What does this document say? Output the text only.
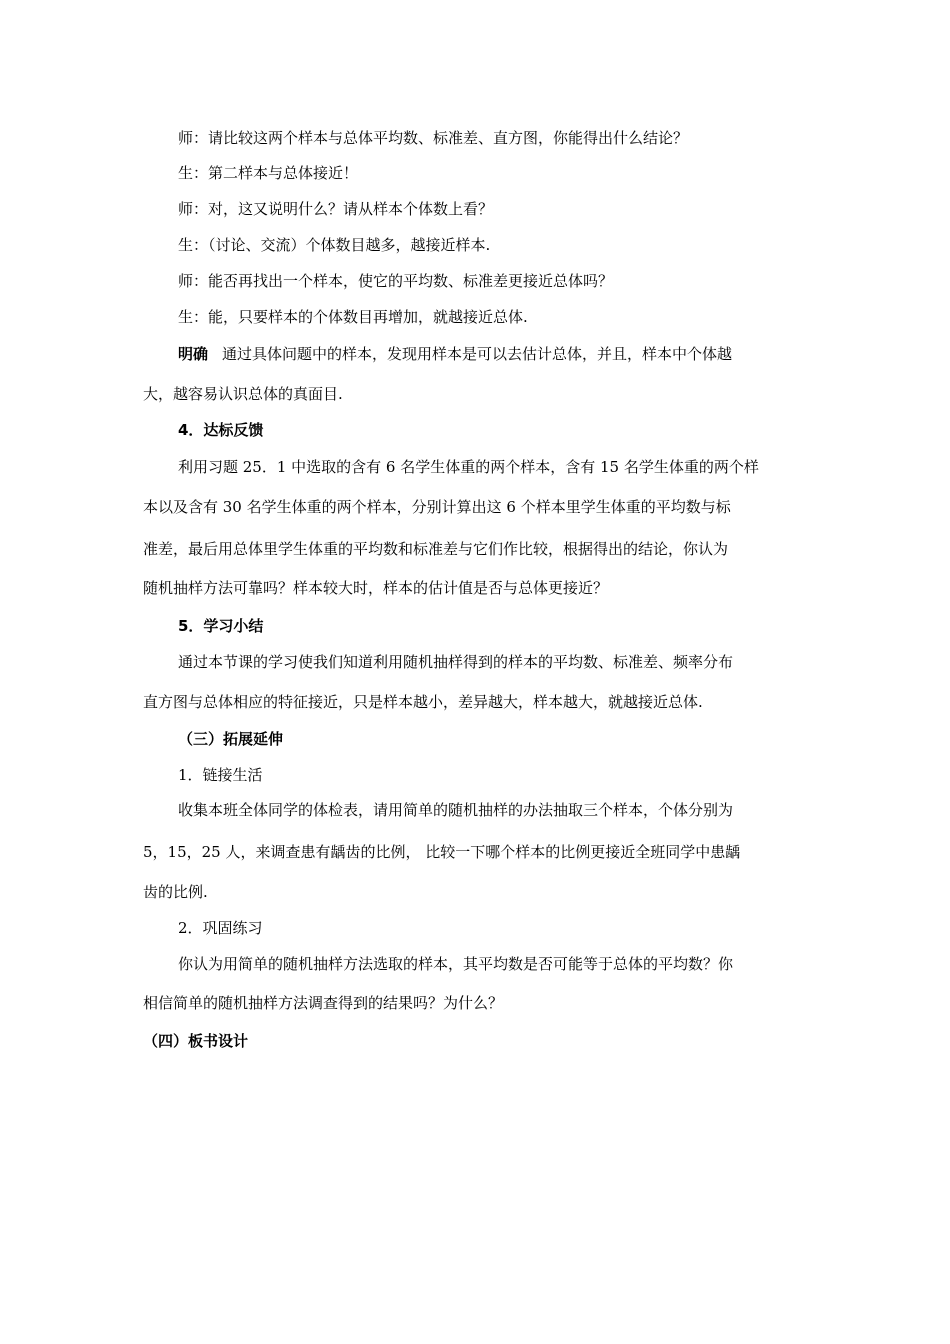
师：请比较这两个样本与总体平均数、标准差、直方图，你能得出什么结论？
生：第二样本与总体接近！
师：对，这又说明什么？请从样本个体数上看？
生：（讨论、交流）个体数目越多，越接近样本.
师：能否再找出一个样本，使它的平均数、标准差更接近总体吗？
生：能，只要样本的个体数目再增加，就越接近总体.
明确 通过具体问题中的样本，发现用样本是可以去估计总体，并且，样本中个体越
大，越容易认识总体的真面目.
4．达标反馈
利用习题 25．1 中选取的含有 6 名学生体重的两个样本，含有 15 名学生体重的两个样
本以及含有 30 名学生体重的两个样本，分别计算出这 6 个样本里学生体重的平均数与标
准差，最后用总体里学生体重的平均数和标准差与它们作比较，根据得出的结论，你认为
随机抽样方法可靠吗？样本较大时，样本的估计值是否与总体更接近？
5．学习小结
通过本节课的学习使我们知道利用随机抽样得到的样本的平均数、标准差、频率分布
直方图与总体相应的特征接近，只是样本越小，差异越大，样本越大，就越接近总体.
（三）拓展延伸
1．链接生活
收集本班全体同学的体检表，请用简单的随机抽样的办法抽取三个样本，个体分别为
5，15，25 人，来调查患有龋齿的比例， 比较一下哪个样本的比例更接近全班同学中患龋
齿的比例.
2．巩固练习
你认为用简单的随机抽样方法选取的样本，其平均数是否可能等于总体的平均数？你
相信简单的随机抽样方法调查得到的结果吗？为什么？
（四）板书设计
